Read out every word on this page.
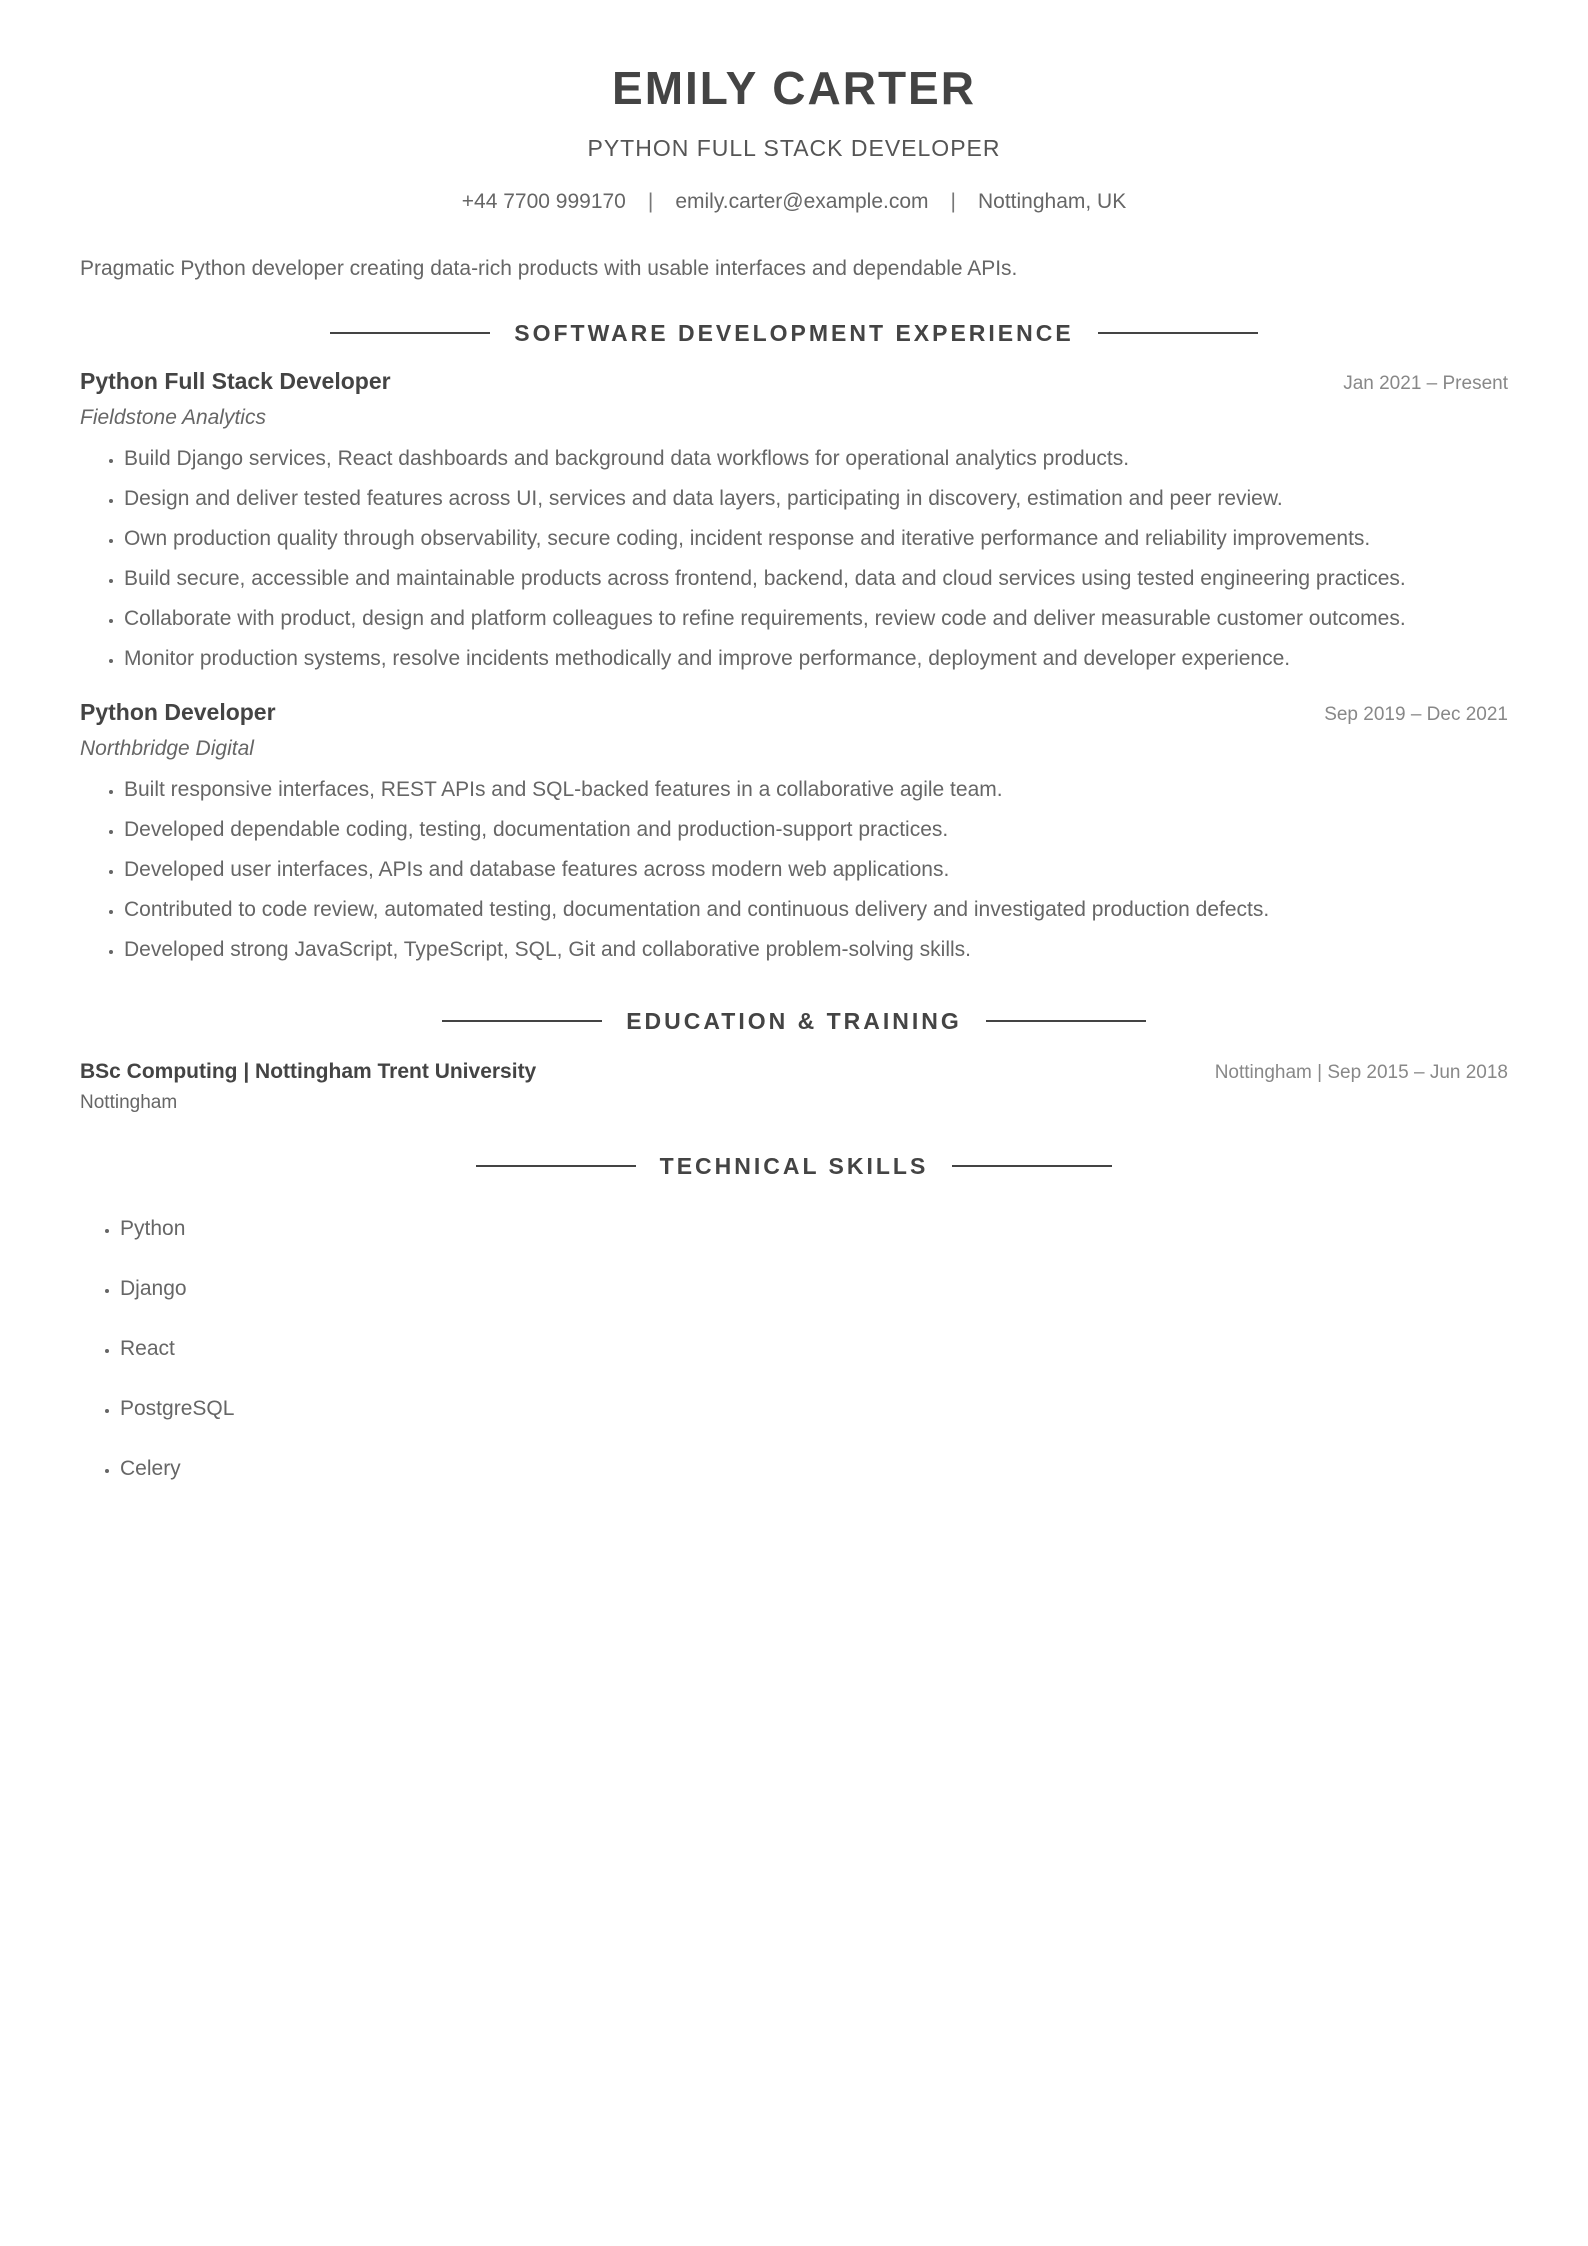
EMILY CARTER
PYTHON FULL STACK DEVELOPER
+44 7700 999170 | emily.carter@example.com | Nottingham, UK
Pragmatic Python developer creating data-rich products with usable interfaces and dependable APIs.
SOFTWARE DEVELOPMENT EXPERIENCE
Python Full Stack Developer	Jan 2021 – Present
Fieldstone Analytics
• Build Django services, React dashboards and background data workflows for operational analytics products.
• Design and deliver tested features across UI, services and data layers, participating in discovery, estimation and peer review.
• Own production quality through observability, secure coding, incident response and iterative performance and reliability improvements.
• Build secure, accessible and maintainable products across frontend, backend, data and cloud services using tested engineering practices.
• Collaborate with product, design and platform colleagues to refine requirements, review code and deliver measurable customer outcomes.
• Monitor production systems, resolve incidents methodically and improve performance, deployment and developer experience.
Python Developer	Sep 2019 – Dec 2021
Northbridge Digital
• Built responsive interfaces, REST APIs and SQL-backed features in a collaborative agile team.
• Developed dependable coding, testing, documentation and production-support practices.
• Developed user interfaces, APIs and database features across modern web applications.
• Contributed to code review, automated testing, documentation and continuous delivery and investigated production defects.
• Developed strong JavaScript, TypeScript, SQL, Git and collaborative problem-solving skills.
EDUCATION & TRAINING
BSc Computing | Nottingham Trent University	Nottingham | Sep 2015 – Jun 2018
Nottingham
TECHNICAL SKILLS
• Python
• Django
• React
• PostgreSQL
• Celery
